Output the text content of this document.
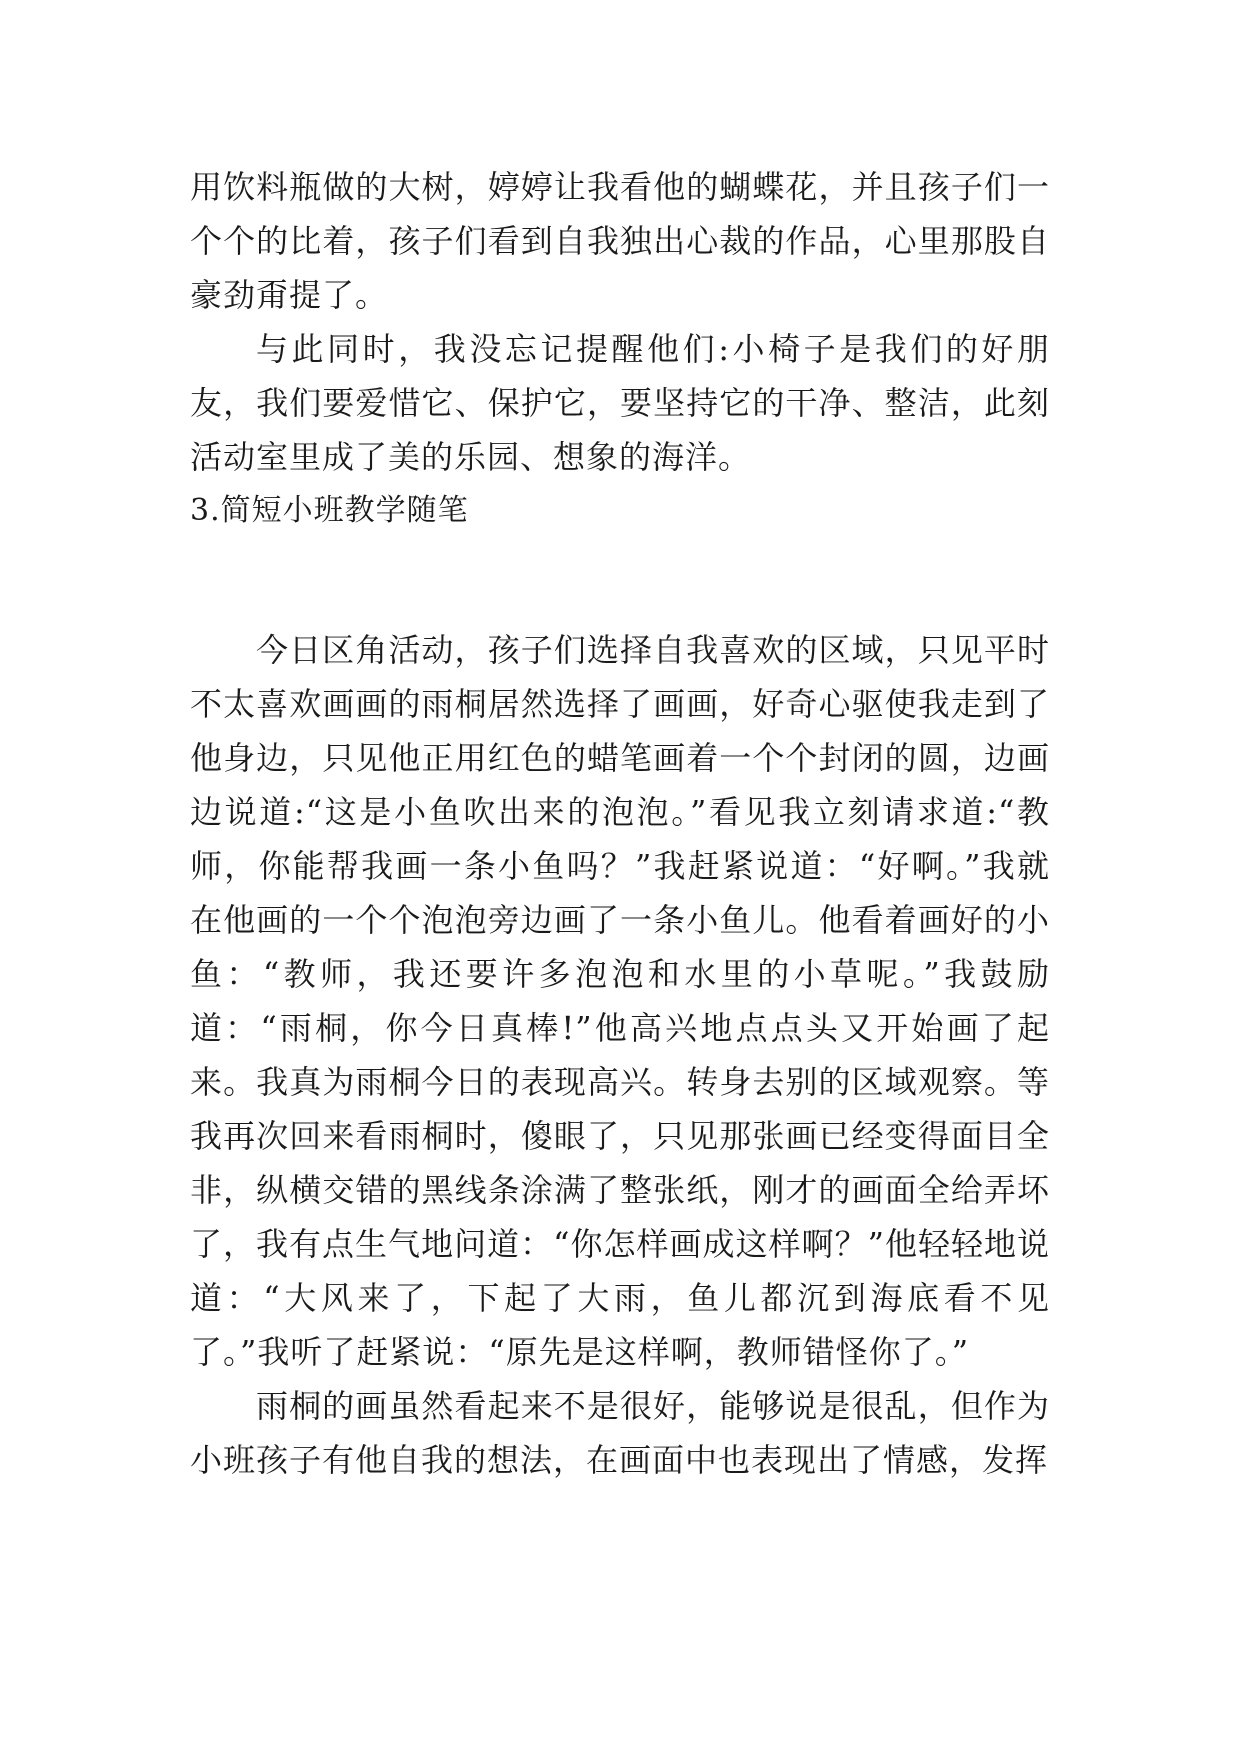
用饮料瓶做的大树，婷婷让我看他的蝴蝶花，并且孩子们一个个的比着，孩子们看到自我独出心裁的作品，心里那股自豪劲甭提了。

与此同时，我没忘记提醒他们:小椅子是我们的好朋友，我们要爱惜它、保护它，要坚持它的干净、整洁，此刻活动室里成了美的乐园、想象的海洋。

3.简短小班教学随笔

今日区角活动，孩子们选择自我喜欢的区域，只见平时不太喜欢画画的雨桐居然选择了画画，好奇心驱使我走到了他身边，只见他正用红色的蜡笔画着一个个封闭的圆，边画边说道:“这是小鱼吹出来的泡泡。”看见我立刻请求道:“教师，你能帮我画一条小鱼吗？”我赶紧说道：“好啊。”我就在他画的一个个泡泡旁边画了一条小鱼儿。他看着画好的小鱼：“教师，我还要许多泡泡和水里的小草呢。”我鼓励道：“雨桐，你今日真棒!”他高兴地点点头又开始画了起来。我真为雨桐今日的表现高兴。转身去别的区域观察。等我再次回来看雨桐时，傻眼了，只见那张画已经变得面目全非，纵横交错的黑线条涂满了整张纸，刚才的画面全给弄坏了，我有点生气地问道：“你怎样画成这样啊？”他轻轻地说道：“大风来了，下起了大雨，鱼儿都沉到海底看不见了。”我听了赶紧说：“原先是这样啊，教师错怪你了。”

雨桐的画虽然看起来不是很好，能够说是很乱，但作为小班孩子有他自我的想法，在画面中也表现出了情感，发挥
